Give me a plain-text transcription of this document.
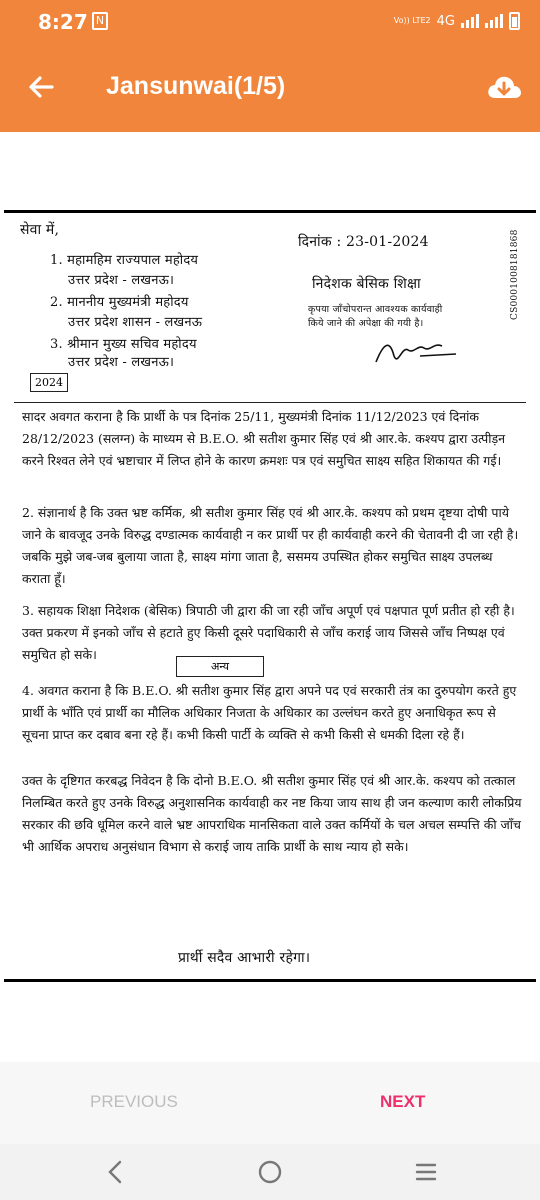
8:27 N	Vo)) LTE2 4G
Jansunwai(1/5)
सेवा में,
1. महामहिम राज्यपाल महोदय
उत्तर प्रदेश - लखनऊ।
2. माननीय मुख्यमंत्री महोदय
उत्तर प्रदेश शासन - लखनऊ
3. श्रीमान मुख्य सचिव महोदय
उत्तर प्रदेश - लखनऊ।
2024
दिनांक : 23-01-2024	CS0001008181868
निदेशक बेसिक शिक्षा
कृपया जाँचोपरान्त आवश्यक कार्यवाही
किये जाने की अपेक्षा की गयी है।
सादर अवगत कराना है कि प्रार्थी के पत्र दिनांक 25/11, मुख्यमंत्री दिनांक 11/12/2023 एवं दिनांक 28/12/2023 (सलग्न) के माध्यम से B.E.O. श्री सतीश कुमार सिंह एवं श्री आर.के. कश्यप द्वारा उत्पीड़न करने रिश्वत लेने एवं भ्रष्टाचार में लिप्त होने के कारण क्रमशः पत्र एवं समुचित साक्ष्य सहित शिकायत की गई।
2. संज्ञानार्थ है कि उक्त भ्रष्ट कर्मिक, श्री सतीश कुमार सिंह एवं श्री आर.के. कश्यप को प्रथम दृष्टया दोषी पाये जाने के बावजूद उनके विरुद्ध दण्डात्मक कार्यवाही न कर प्रार्थी पर ही कार्यवाही करने की चेतावनी दी जा रही है। जबकि मुझे जब-जब बुलाया जाता है, साक्ष्य मांगा जाता है, ससमय उपस्थित होकर समुचित साक्ष्य उपलब्ध कराता हूँ।
3. सहायक शिक्षा निदेशक (बेसिक) त्रिपाठी जी द्वारा की जा रही जाँच अपूर्ण एवं पक्षपात पूर्ण प्रतीत हो रही है। उक्त प्रकरण में इनको जाँच से हटाते हुए किसी दूसरे पदाधिकारी से जाँच कराई जाय जिससे जाँच निष्पक्ष एवं समुचित हो सके।
अन्य
4. अवगत कराना है कि B.E.O. श्री सतीश कुमार सिंह द्वारा अपने पद एवं सरकारी तंत्र का दुरुपयोग करते हुए प्रार्थी के भाँति एवं प्रार्थी का मौलिक अधिकार निजता के अधिकार का उल्लंघन करते हुए अनाधिकृत रूप से सूचना प्राप्त कर दबाव बना रहे हैं। कभी किसी पार्टी के व्यक्ति से कभी किसी से धमकी दिला रहे हैं।
उक्त के दृष्टिगत करबद्ध निवेदन है कि दोनो B.E.O. श्री सतीश कुमार सिंह एवं श्री आर.के. कश्यप को तत्काल निलम्बित करते हुए उनके विरुद्ध अनुशासनिक कार्यवाही कर नष्ट किया जाय साथ ही जन कल्याण कारी लोकप्रिय सरकार की छवि धूमिल करने वाले भ्रष्ट आपराधिक मानसिकता वाले उक्त कर्मियों के चल अचल सम्पत्ति की जाँच भी आर्थिक अपराध अनुसंधान विभाग से कराई जाय ताकि प्रार्थी के साथ न्याय हो सके।
प्रार्थी सदैव आभारी रहेगा।
PREVIOUS	NEXT
